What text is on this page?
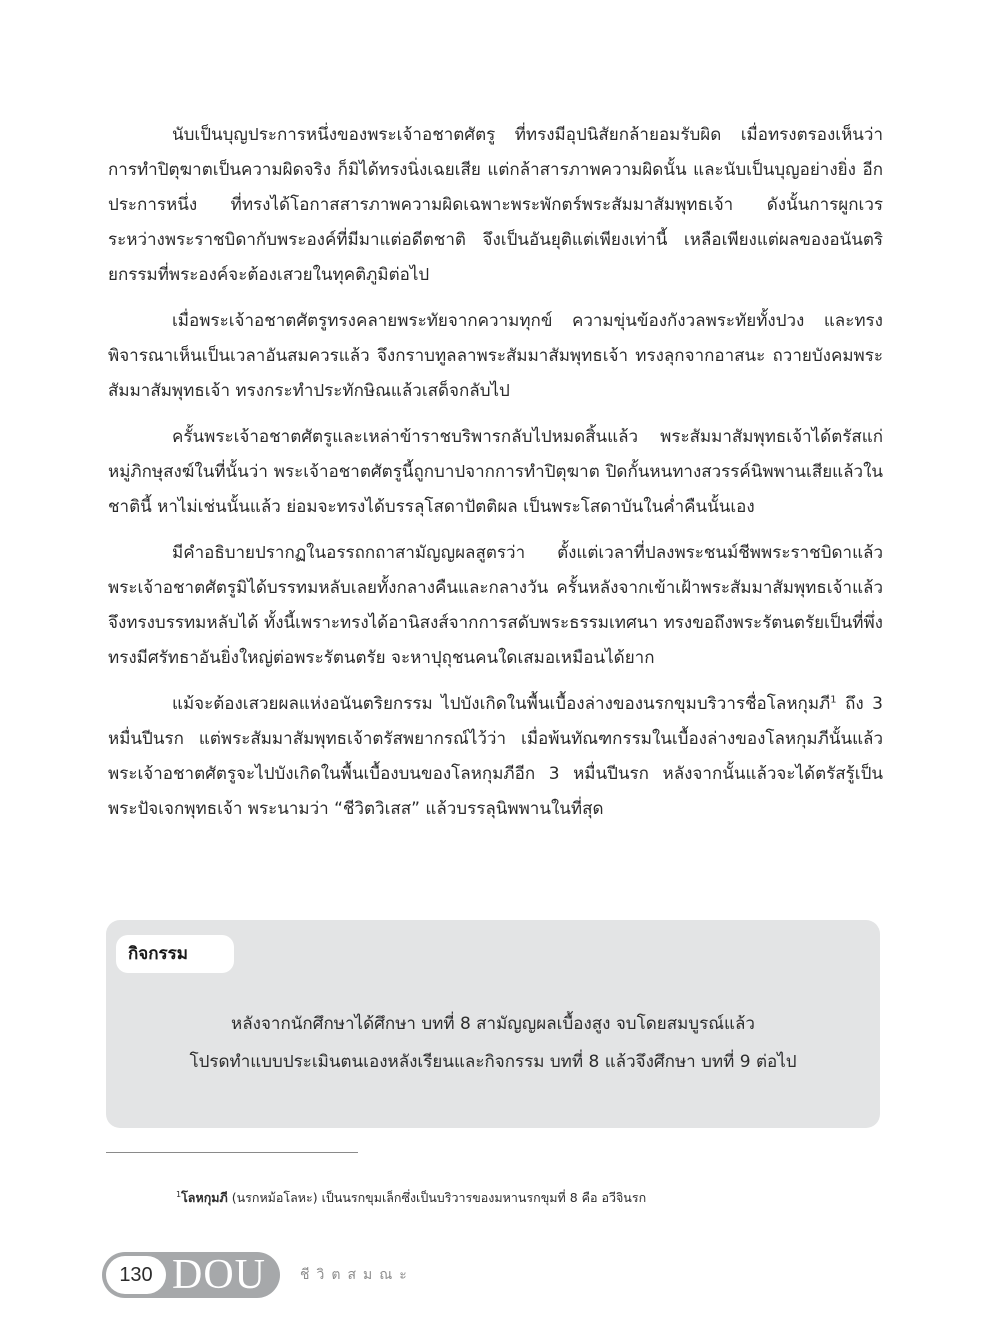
นับเป็นบุญประการหนึ่งของพระเจ้าอชาตศัตรู ที่ทรงมีอุปนิสัยกล้ายอมรับผิด เมื่อทรงตรองเห็นว่า การทำปิตุฆาตเป็นความผิดจริง ก็มิได้ทรงนิ่งเฉยเสีย แต่กล้าสารภาพความผิดนั้น และนับเป็นบุญอย่างยิ่ง อีกประการหนึ่ง ที่ทรงได้โอกาสสารภาพความผิดเฉพาะพระพักตร์พระสัมมาสัมพุทธเจ้า ดังนั้นการผูกเวรระหว่างพระราชบิดากับพระองค์ที่มีมาแต่อดีตชาติ จึงเป็นอันยุติแต่เพียงเท่านี้ เหลือเพียงแต่ผลของอนันตริยกรรมที่พระองค์จะต้องเสวยในทุคติภูมิต่อไป

เมื่อพระเจ้าอชาตศัตรูทรงคลายพระทัยจากความทุกข์ ความขุ่นข้องกังวลพระทัยทั้งปวง และทรงพิจารณาเห็นเป็นเวลาอันสมควรแล้ว จึงกราบทูลลาพระสัมมาสัมพุทธเจ้า ทรงลุกจากอาสนะ ถวายบังคมพระสัมมาสัมพุทธเจ้า ทรงกระทำประทักษิณแล้วเสด็จกลับไป

ครั้นพระเจ้าอชาตศัตรูและเหล่าข้าราชบริพารกลับไปหมดสิ้นแล้ว พระสัมมาสัมพุทธเจ้าได้ตรัสแก่หมู่ภิกษุสงฆ์ในที่นั้นว่า พระเจ้าอชาตศัตรูนี้ถูกบาปจากการทำปิตุฆาต ปิดกั้นหนทางสวรรค์นิพพานเสียแล้วในชาตินี้ หาไม่เช่นนั้นแล้ว ย่อมจะทรงได้บรรลุโสดาปัตติผล เป็นพระโสดาบันในค่ำคืนนั้นเอง

มีคำอธิบายปรากฏในอรรถกถาสามัญญผลสูตรว่า ตั้งแต่เวลาที่ปลงพระชนม์ชีพพระราชบิดาแล้ว พระเจ้าอชาตศัตรูมิได้บรรทมหลับเลยทั้งกลางคืนและกลางวัน ครั้นหลังจากเข้าเฝ้าพระสัมมาสัมพุทธเจ้าแล้ว จึงทรงบรรทมหลับได้ ทั้งนี้เพราะทรงได้อานิสงส์จากการสดับพระธรรมเทศนา ทรงขอถึงพระรัตนตรัยเป็นที่พึ่ง ทรงมีศรัทธาอันยิ่งใหญ่ต่อพระรัตนตรัย จะหาปุถุชนคนใดเสมอเหมือนได้ยาก

แม้จะต้องเสวยผลแห่งอนันตริยกรรม ไปบังเกิดในพื้นเบื้องล่างของนรกขุมบริวารชื่อโลหกุมภี$^1$ ถึง 3 หมื่นปีนรก แต่พระสัมมาสัมพุทธเจ้าตรัสพยากรณ์ไว้ว่า เมื่อพ้นทัณฑกรรมในเบื้องล่างของโลหกุมภีนั้นแล้ว พระเจ้าอชาตศัตรูจะไปบังเกิดในพื้นเบื้องบนของโลหกุมภีอีก 3 หมื่นปีนรก หลังจากนั้นแล้วจะได้ตรัสรู้เป็นพระปัจเจกพุทธเจ้า พระนามว่า “ชีวิตวิเสส” แล้วบรรลุนิพพานในที่สุด

กิจกรรม
หลังจากนักศึกษาได้ศึกษา บทที่ 8 สามัญญผลเบื้องสูง จบโดยสมบูรณ์แล้ว
โปรดทำแบบประเมินตนเองหลังเรียนและกิจกรรม บทที่ 8 แล้วจึงศึกษา บทที่ 9 ต่อไป
$^1$โลหกุมภี (นรกหม้อโลหะ) เป็นนรกขุมเล็กซึ่งเป็นบริวารของมหานรกขุมที่ 8 คือ อวีจินรก
130 DOU ชีวิตสมณะ
